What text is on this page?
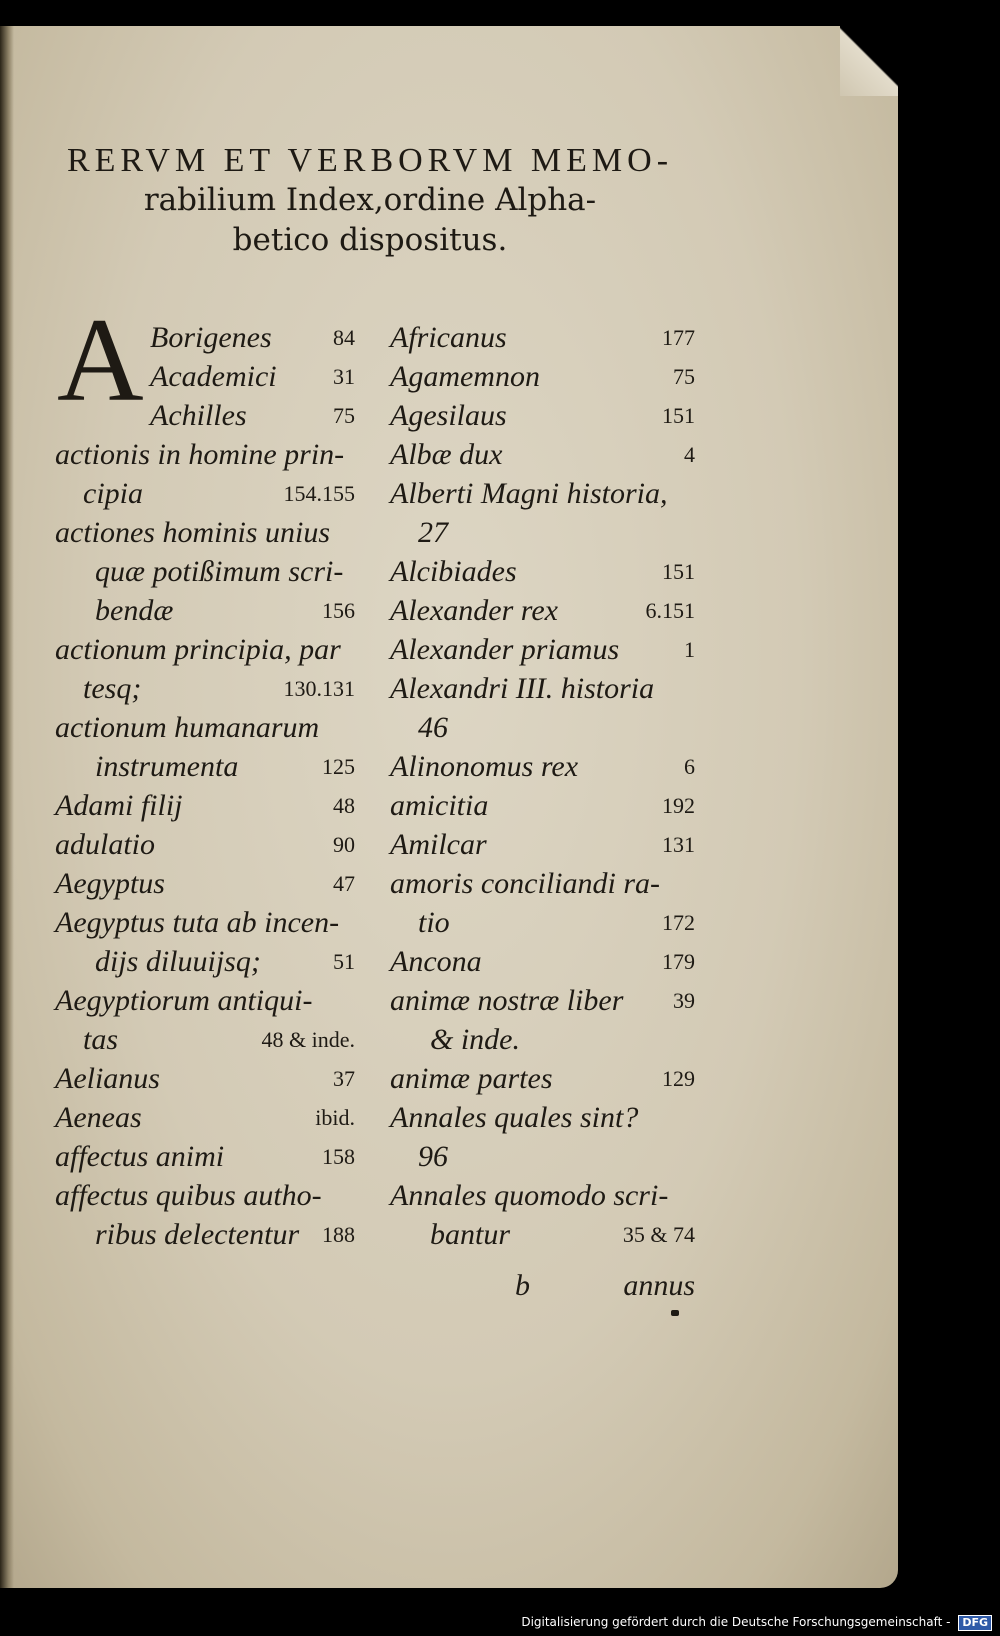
RERVM ET VERBORVM MEMO-
rabilium Index,ordine Alpha-
betico dispositus.
A Borigenes	84
Academici	31
Achilles	75
actionis in homine prin-
cipia	154.155
actiones hominis unius
quæ potißimum scri-
bendæ	156
actionum principia, par
tesq;	130.131
actionum humanarum
instrumenta	125
Adami filij	48
adulatio	90
Aegyptus	47
Aegyptus tuta ab incen-
dijs diluuijsq;	51
Aegyptiorum antiqui-
tas	48 & inde.
Aelianus	37
Aeneas	ibid.
affectus animi	158
affectus quibus autho-
ribus delectentur 188
Africanus	177
Agamemnon	75
Agesilaus	151
Albæ dux	4
Alberti Magni historia,
27
Alcibiades	151
Alexander rex	6.151
Alexander priamus	1
Alexandri III. historia
46
Alinonomus rex	6
amicitia	192
Amilcar	131
amoris conciliandi ra-
tio	172
Ancona	179
animæ nostræ liber 39
& inde.
animæ partes	129
Annales quales sint?
96
Annales quomodo scri-
bantur	35 & 74
b	annus
Digitalisierung gefördert durch die Deutsche Forschungsgemeinschaft - DFG
